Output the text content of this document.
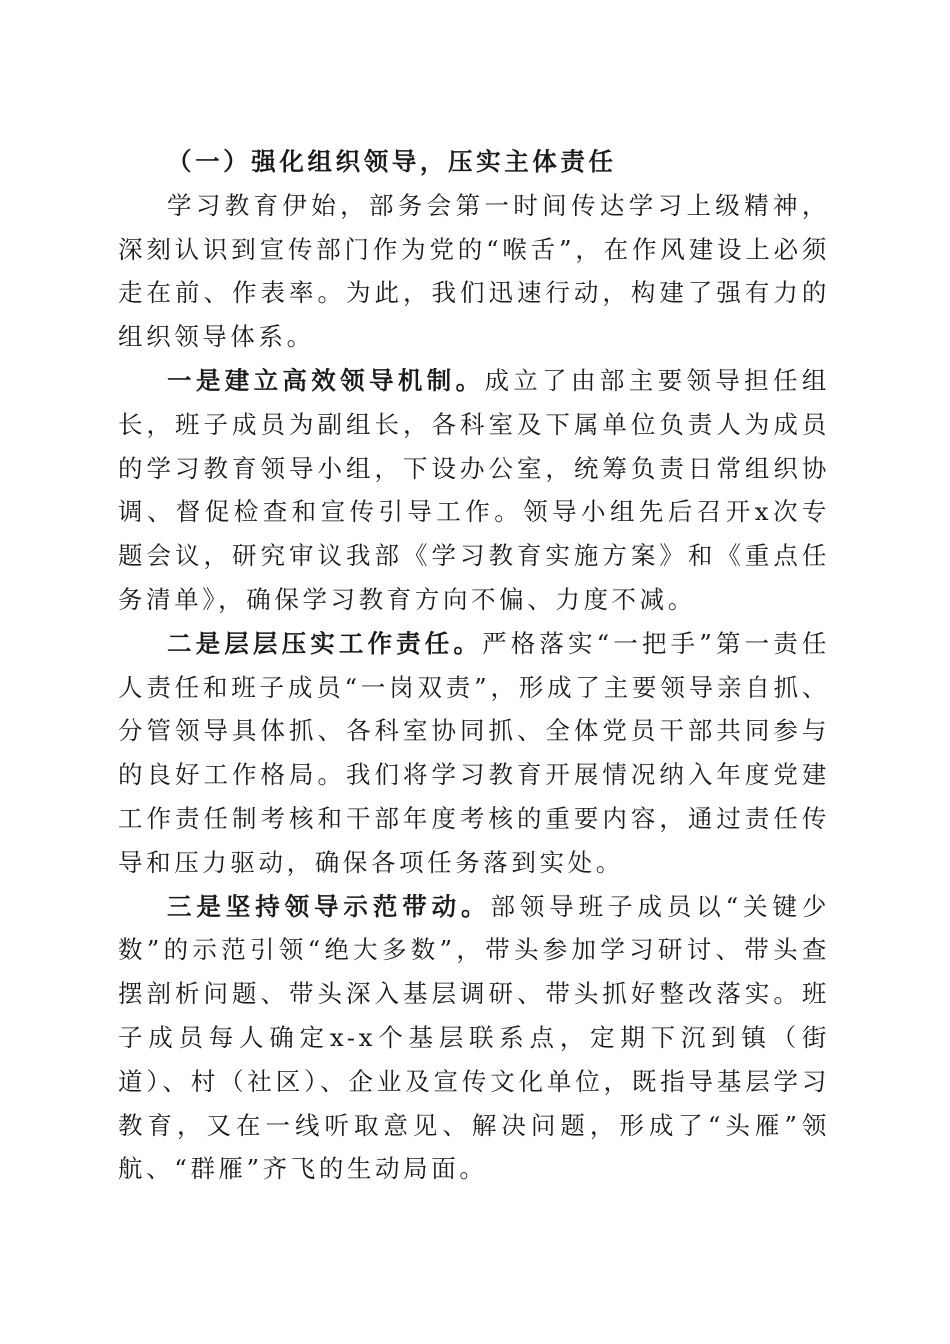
（一）强化组织领导，压实主体责任

学习教育伊始，部务会第一时间传达学习上级精神，深刻认识到宣传部门作为党的“喉舌”，在作风建设上必须走在前、作表率。为此，我们迅速行动，构建了强有力的组织领导体系。

一是建立高效领导机制。成立了由部主要领导担任组长，班子成员为副组长，各科室及下属单位负责人为成员的学习教育领导小组，下设办公室，统筹负责日常组织协调、督促检查和宣传引导工作。领导小组先后召开x次专题会议，研究审议我部《学习教育实施方案》和《重点任务清单》，确保学习教育方向不偏、力度不减。

二是层层压实工作责任。严格落实“一把手”第一责任人责任和班子成员“一岗双责”，形成了主要领导亲自抓、分管领导具体抓、各科室协同抓、全体党员干部共同参与的良好工作格局。我们将学习教育开展情况纳入年度党建工作责任制考核和干部年度考核的重要内容，通过责任传导和压力驱动，确保各项任务落到实处。

三是坚持领导示范带动。部领导班子成员以“关键少数”的示范引领“绝大多数”，带头参加学习研讨、带头查摆剖析问题、带头深入基层调研、带头抓好整改落实。班子成员每人确定x-x个基层联系点，定期下沉到镇（街道）、村（社区）、企业及宣传文化单位，既指导基层学习教育，又在一线听取意见、解决问题，形成了“头雁”领航、“群雁”齐飞的生动局面。
